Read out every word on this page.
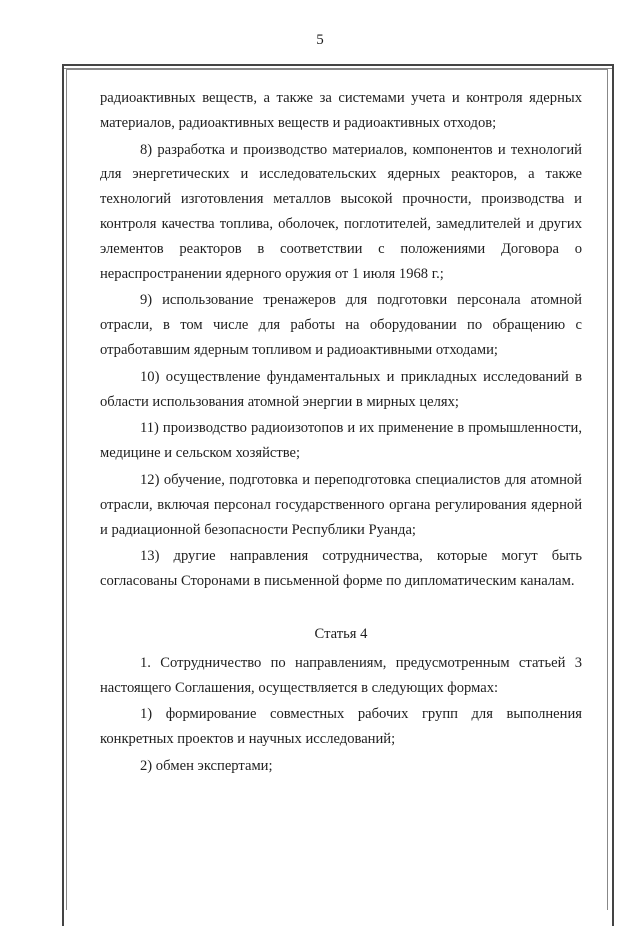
5

радиоактивных веществ, а также за системами учета и контроля ядерных материалов, радиоактивных веществ и радиоактивных отходов;

8) разработка и производство материалов, компонентов и технологий для энергетических и исследовательских ядерных реакторов, а также технологий изготовления металлов высокой прочности, производства и контроля качества топлива, оболочек, поглотителей, замедлителей и других элементов реакторов в соответствии с положениями Договора о нераспространении ядерного оружия от 1 июля 1968 г.;

9) использование тренажеров для подготовки персонала атомной отрасли, в том числе для работы на оборудовании по обращению с отработавшим ядерным топливом и радиоактивными отходами;

10) осуществление фундаментальных и прикладных исследований в области использования атомной энергии в мирных целях;

11) производство радиоизотопов и их применение в промышленности, медицине и сельском хозяйстве;

12) обучение, подготовка и переподготовка специалистов для атомной отрасли, включая персонал государственного органа регулирования ядерной и радиационной безопасности Республики Руанда;

13) другие направления сотрудничества, которые могут быть согласованы Сторонами в письменной форме по дипломатическим каналам.

Статья 4

1. Сотрудничество по направлениям, предусмотренным статьей 3 настоящего Соглашения, осуществляется в следующих формах:

1) формирование совместных рабочих групп для выполнения конкретных проектов и научных исследований;

2) обмен экспертами;
